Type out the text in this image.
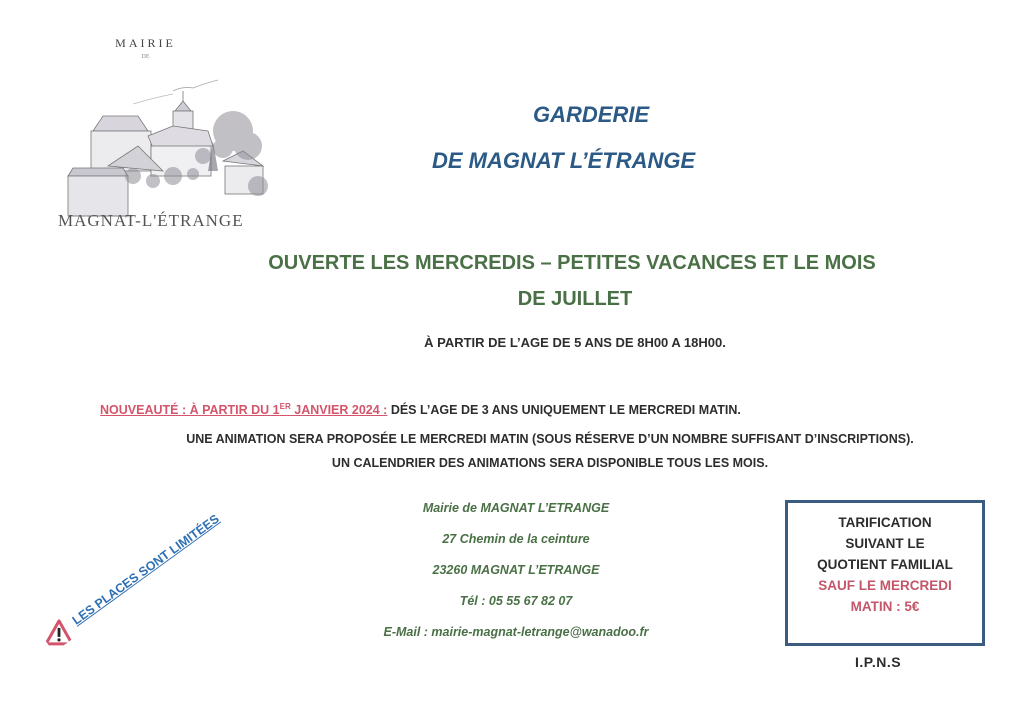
MAIRIE
DE
MAGNAT-L'ÉTRANGE
GARDERIE
DE MAGNAT L’ÉTRANGE
OUVERTE LES MERCREDIS – PETITES VACANCES ET LE MOIS
DE JUILLET
À PARTIR DE L’AGE DE 5 ANS DE 8H00 A 18H00.
NOUVEAUTÉ : À PARTIR DU 1ER JANVIER 2024 : DÉS L’AGE DE 3 ANS UNIQUEMENT LE MERCREDI MATIN.
UNE ANIMATION SERA PROPOSÉE LE MERCREDI MATIN (SOUS RÉSERVE D’UN NOMBRE SUFFISANT D’INSCRIPTIONS).
UN CALENDRIER DES ANIMATIONS SERA DISPONIBLE TOUS LES MOIS.
Mairie de MAGNAT L’ETRANGE
27 Chemin de la ceinture
23260 MAGNAT L’ETRANGE
Tél : 05 55 67 82 07
E-Mail : mairie-magnat-letrange@wanadoo.fr
TARIFICATION
SUIVANT LE
QUOTIENT FAMILIAL
SAUF LE MERCREDI
MATIN : 5€
I.P.N.S
LES PLACES SONT LIMITÉES
